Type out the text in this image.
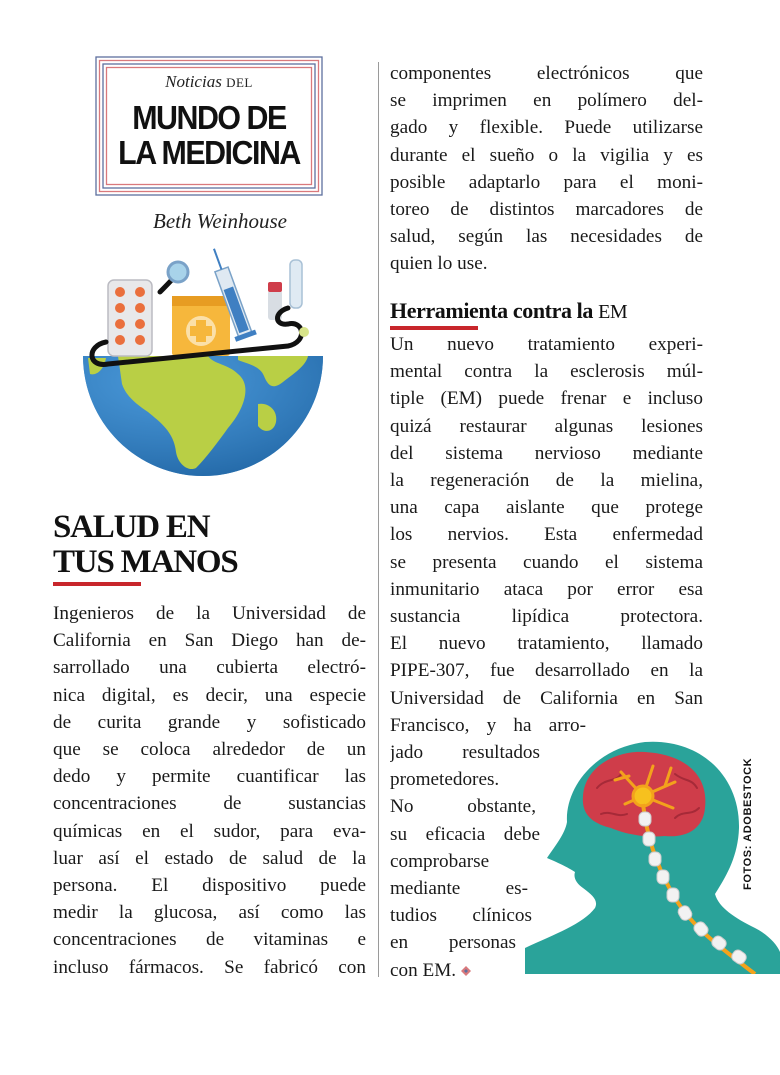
Noticias DEL
MUNDO DE
LA MEDICINA
Beth Weinhouse
SALUD EN
TUS MANOS
Ingenieros de la Universidad de
California en San Diego han de-
sarrollado una cubierta electró-
nica digital, es decir, una especie
de curita grande y sofisticado
que se coloca alrededor de un
dedo y permite cuantificar las
concentraciones de sustancias
químicas en el sudor, para eva-
luar así el estado de salud de la
persona. El dispositivo puede
medir la glucosa, así como las
concentraciones de vitaminas e
incluso fármacos. Se fabricó con
componentes electrónicos que
se imprimen en polímero del-
gado y flexible. Puede utilizarse
durante el sueño o la vigilia y es
posible adaptarlo para el moni-
toreo de distintos marcadores de
salud, según las necesidades de
quien lo use.
Herramienta contra la EM
Un nuevo tratamiento experi-
mental contra la esclerosis múl-
tiple (EM) puede frenar e incluso
quizá restaurar algunas lesiones
del sistema nervioso mediante
la regeneración de la mielina,
una capa aislante que protege
los nervios. Esta enfermedad
se presenta cuando el sistema
inmunitario ataca por error esa
sustancia lipídica protectora.
El nuevo tratamiento, llamado
PIPE-307, fue desarrollado en la
Universidad de California en San
Francisco, y ha arro-
jado resultados
prometedores.
No obstante,
su eficacia debe
comprobarse
mediante es-
tudios clínicos
en personas
con EM.
FOTOS: ADOBESTOCK
